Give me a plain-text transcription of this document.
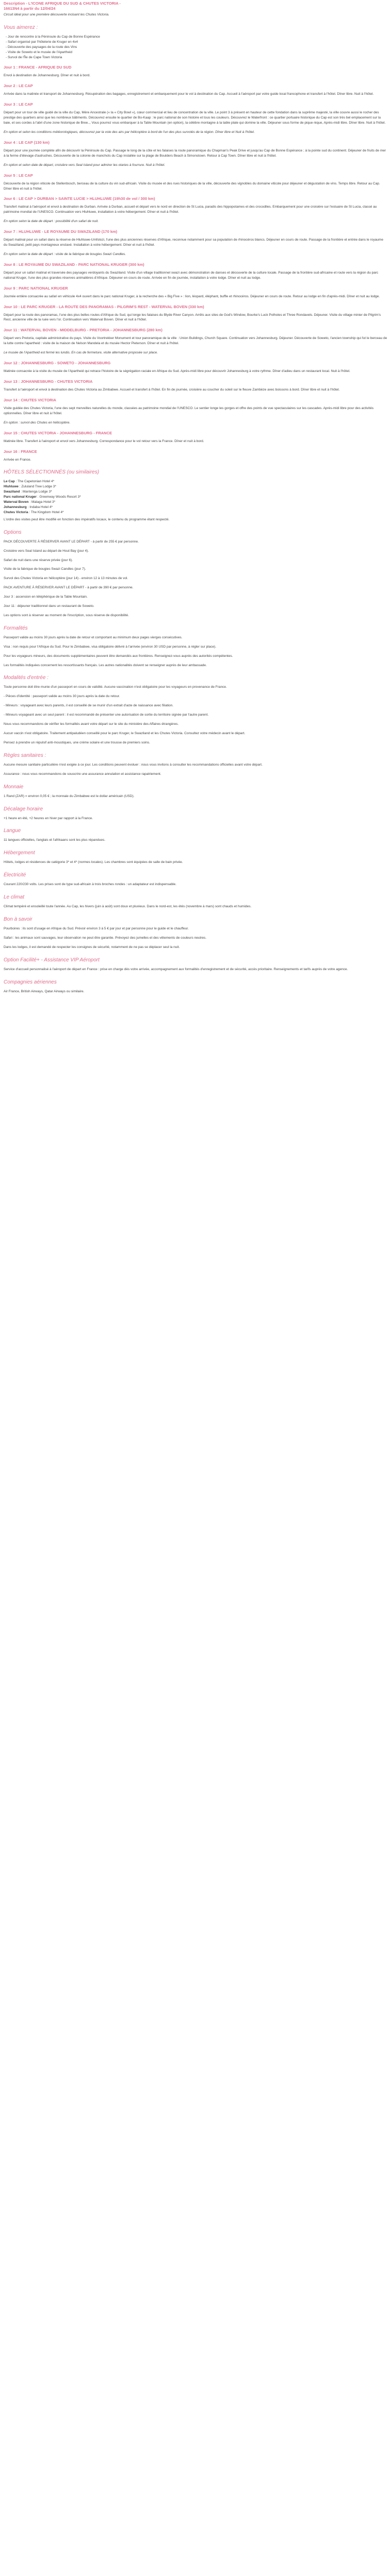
Description - L'ICONE AFRIQUE DU SUD & CHUTES VICTORIA -
16613N4 à partir du 12/04/24

Circuit idéal pour une première découverte incluant les Chutes Victoria.

Vous aimerez :
- Jour de rencontre à la Péninsule du Cap de Bonne Espérance
- Safari organisé par l'hôtelerie de Kruger en 4x4
- Découverte des paysages de la route des Vins
- Visite de Soweto et le musée de l'Apartheid
- Survol de l'Île de Cape Town Victoria
Jour 1 : FRANCE - AFRIQUE DU SUD

Envol à destination de Johannesburg. Dîner et nuit à bord.

Jour 2 : LE CAP

Arrivée dans la matinée et transport de Johannesburg. Récupération des bagages, enregistrement et embarquement pour le vol à destination du Cap. Accueil à l'aéroport par votre guide local francophone et transfert à l'hôtel. Dîner libre. Nuit à l'hôtel.

Jour 3 : LE CAP

Départ pour un tour de ville guidé de la ville du Cap, Mère Ancestrale (« la « City Bowl »), cœur commercial et lieu de concentration de la ville. Le point 3 à présent en hauteur de cette fondation dans la suprême majesté, la ville couvre aussi le rocher des prestige des quartiers ainsi que les nombreux bâtiments. Découvrez ensuite le quartier de Bo-Kaap : le parc national de son histoire et tous les couleurs. Découvrez le Waterfront : ce quartier portuaire historique du Cap est son très bel emplacement sur la baie, et ses cordes à l'abri d'une zone historique de Bree.., Vous pourrez vous embarquer à la Table Mountain (en option), la célèbre montagne à la table plate qui domine la ville. Déjeuner sous forme de pique-nique, Après-midi libre. Dîner libre. Nuit à l'hôtel.

En option et selon les conditions météorologiques, découvrez par la voie des airs par hélicoptère à bord de l'un des plus survolés de la région. Dîner libre et Nuit à l'hôtel.

Jour 4 : LE CAP (130 km)

Départ pour une journée complète afin de découvrir la Péninsule du Cap. Passage le long de la côte et les falaises la route panoramique du Chapman's Peak Drive et jusqu'au Cap de Bonne Espérance ; à la pointe sud du continent. Déjeuner de fruits de mer à la ferme d'élevage d'autruches. Découverte de la colonie de manchots du Cap installée sur la plage de Boulders Beach à Simonstown. Retour à Cap Town. Dîner libre et nuit à l'hôtel.

En option et selon date de départ, croisière vers Seal Island pour admirer les otaries à fourrure. Nuit à l'hôtel.

Jour 5 : LE CAP

Découverte de la région viticole de Stellenbosch, berceau de la culture du vin sud-africain. Visite du musée et des rues historiques de la ville, découverte des vignobles du domaine viticole pour déjeuner et dégustation de vins. Temps libre. Retour au Cap. Dîner libre et nuit à l'hôtel.

Jour 6 : LE CAP > DURBAN > SAINTE LUCIE > HLUHLUWE (19h30 de vol / 300 km)

Transfert matinal à l'aéroport et envol à destination de Durban. Arrivée à Durban, accueil et départ vers le nord en direction de St Lucia, paradis des hippopotames et des crocodiles. Embarquement pour une croisière sur l'estuaire de St Lucia, classé au patrimoine mondial de l'UNESCO. Continuation vers Hluhluwe, installation à votre hébergement. Dîner et nuit à l'hôtel.

En option selon la date de départ : possibilité d'un safari de nuit.

Jour 7 : HLUHLUWE - LE ROYAUME DU SWAZILAND (170 km)

Départ matinal pour un safari dans la réserve de Hluhluwe-Umfolozi, l'une des plus anciennes réserves d'Afrique, reconnue notamment pour sa population de rhinocéros blancs. Déjeuner en cours de route. Passage de la frontière et entrée dans le royaume du Swaziland, petit pays montagneux enclavé. Installation à votre hébergement. Dîner et nuit à l'hôtel.

En option selon la date de départ : visite de la fabrique de bougies Swazi Candles.

Jour 8 : LE ROYAUME DU SWAZILAND - PARC NATIONAL KRUGER (300 km)

Départ pour un safari matinal et traversée des paysages verdoyants du Swaziland. Visite d'un village traditionnel swazi avec démonstration de danses et découverte de la culture locale. Passage de la frontière sud-africaine et route vers la région du parc national Kruger, l'une des plus grandes réserves animalières d'Afrique. Déjeuner en cours de route. Arrivée en fin de journée, installation à votre lodge. Dîner et nuit au lodge.

Jour 9 : PARC NATIONAL KRUGER

Journée entière consacrée au safari en véhicule 4x4 ouvert dans le parc national Kruger, à la recherche des « Big Five » : lion, léopard, éléphant, buffle et rhinocéros. Déjeuner en cours de route. Retour au lodge en fin d'après-midi. Dîner et nuit au lodge.

Jour 10 : LE PARC KRUGER - LA ROUTE DES PANORAMAS - PILGRIM'S REST - WATERVAL BOVEN (330 km)

Départ pour la route des panoramas, l'une des plus belles routes d'Afrique du Sud, qui longe les falaises du Blyde River Canyon. Arrêts aux sites de God's Window, Bourke's Luck Potholes et Three Rondavels. Déjeuner. Visite du village minier de Pilgrim's Rest, ancienne ville de la ruée vers l'or. Continuation vers Waterval Boven. Dîner et nuit à l'hôtel.

Jour 11 : WATERVAL BOVEN - MIDDELBURG - PRETORIA - JOHANNESBURG (280 km)

Départ vers Pretoria, capitale administrative du pays. Visite du Voortrekker Monument et tour panoramique de la ville : Union Buildings, Church Square. Continuation vers Johannesburg. Déjeuner. Découverte de Soweto, l'ancien township qui fut le berceau de la lutte contre l'apartheid : visite de la maison de Nelson Mandela et du musée Hector Pieterson. Dîner et nuit à l'hôtel.

Le musée de l'Apartheid est fermé les lundis. En cas de fermeture, visite alternative proposée sur place.

Jour 12 : JOHANNESBURG - SOWETO - JOHANNESBURG

Matinée consacrée à la visite du musée de l'Apartheid qui retrace l'histoire de la ségrégation raciale en Afrique du Sud. Après-midi libre pour découvrir Johannesburg à votre rythme. Dîner d'adieu dans un restaurant local. Nuit à l'hôtel.

Jour 13 : JOHANNESBURG - CHUTES VICTORIA

Transfert à l'aéroport et envol à destination des Chutes Victoria au Zimbabwe. Accueil et transfert à l'hôtel. En fin de journée, croisière au coucher du soleil sur le fleuve Zambèze avec boissons à bord. Dîner libre et nuit à l'hôtel.

Jour 14 : CHUTES VICTORIA

Visite guidée des Chutes Victoria, l'une des sept merveilles naturelles du monde, classées au patrimoine mondial de l'UNESCO. Le sentier longe les gorges et offre des points de vue spectaculaires sur les cascades. Après-midi libre pour des activités optionnelles. Dîner libre et nuit à l'hôtel.

En option : survol des Chutes en hélicoptère.

Jour 15 : CHUTES VICTORIA - JOHANNESBURG - FRANCE

Matinée libre. Transfert à l'aéroport et envol vers Johannesburg. Correspondance pour le vol retour vers la France. Dîner et nuit à bord.

Jour 16 : FRANCE

Arrivée en France.

HÔTELS SÉLECTIONNÉS (ou similaires)

Le Cap : The Capetonian Hotel 4*

Hluhluwe : Zululand Tree Lodge 3*

Swaziland : Mantenga Lodge 3*

Parc national Kruger : Greenway Woods Resort 3*

Waterval Boven : Malaga Hotel 3*

Johannesburg : Indaba Hotel 4*

Chutes Victoria : The Kingdom Hotel 4*

L'ordre des visites peut être modifié en fonction des impératifs locaux, le contenu du programme étant respecté.

Options

PACK DÉCOUVERTE À RÉSERVER AVANT LE DÉPART - à partir de 255 € par personne.

Croisière vers Seal Island au départ de Hout Bay (jour 4).

Safari de nuit dans une réserve privée (jour 6).

Visite de la fabrique de bougies Swazi Candles (jour 7).

Survol des Chutes Victoria en hélicoptère (jour 14) - environ 12 à 13 minutes de vol.

PACK AVENTURE À RÉSERVER AVANT LE DÉPART - à partir de 390 € par personne.

Jour 3 : ascension en téléphérique de la Table Mountain.

Jour 11 : déjeuner traditionnel dans un restaurant de Soweto.

Les options sont à réserver au moment de l'inscription, sous réserve de disponibilité.

Formalités

Passeport valide au moins 30 jours après la date de retour et comportant au minimum deux pages vierges consécutives.

Visa : non requis pour l'Afrique du Sud. Pour le Zimbabwe, visa obligatoire délivré à l'arrivée (environ 30 USD par personne, à régler sur place).

Pour les voyageurs mineurs, des documents supplémentaires peuvent être demandés aux frontières. Renseignez-vous auprès des autorités compétentes.

Les formalités indiquées concernent les ressortissants français. Les autres nationalités doivent se renseigner auprès de leur ambassade.

Modalités d'entrée :

Toute personne doit être munie d'un passeport en cours de validité. Aucune vaccination n'est obligatoire pour les voyageurs en provenance de France.

- Pièces d'identité : passeport valide au moins 30 jours après la date du retour.

- Mineurs : voyageant avec leurs parents, il est conseillé de se munir d'un extrait d'acte de naissance avec filiation.

- Mineurs voyageant avec un seul parent : il est recommandé de présenter une autorisation de sortie du territoire signée par l'autre parent.

Nous vous recommandons de vérifier les formalités avant votre départ sur le site du ministère des Affaires étrangères.

Aucun vaccin n'est obligatoire. Traitement antipaludéen conseillé pour le parc Kruger, le Swaziland et les Chutes Victoria. Consultez votre médecin avant le départ.

Pensez à prendre un répulsif anti-moustiques, une crème solaire et une trousse de premiers soins.

Règles sanitaires :

Aucune mesure sanitaire particulière n'est exigée à ce jour. Les conditions peuvent évoluer : nous vous invitons à consulter les recommandations officielles avant votre départ.

Assurance : nous vous recommandons de souscrire une assurance annulation et assistance rapatriement.

Monnaie

1 Rand (ZAR) = environ 0,05 € ; la monnaie du Zimbabwe est le dollar américain (USD).

Décalage horaire

+1 heure en été, +2 heures en hiver par rapport à la France.

Langue

11 langues officielles, l'anglais et l'afrikaans sont les plus répandues.

Hébergement

Hôtels, lodges et résidences de catégorie 3* et 4* (normes locales). Les chambres sont équipées de salle de bain privée.

Électricité

Courant 220/230 volts. Les prises sont de type sud-africain à trois broches rondes : un adaptateur est indispensable.

Le climat

Climat tempéré et ensoleillé toute l'année. Au Cap, les hivers (juin à août) sont doux et pluvieux. Dans le nord-est, les étés (novembre à mars) sont chauds et humides.

Bon à savoir

Pourboires : ils sont d'usage en Afrique du Sud. Prévoir environ 3 à 5 € par jour et par personne pour le guide et le chauffeur.

Safari : les animaux sont sauvages, leur observation ne peut être garantie. Prévoyez des jumelles et des vêtements de couleurs neutres.

Dans les lodges, il est demandé de respecter les consignes de sécurité, notamment de ne pas se déplacer seul la nuit.

Option Facilité+ - Assistance VIP Aéroport

Service d'accueil personnalisé à l'aéroport de départ en France : prise en charge dès votre arrivée, accompagnement aux formalités d'enregistrement et de sécurité, accès prioritaire. Renseignements et tarifs auprès de votre agence.

Compagnies aériennes

Air France, British Airways, Qatar Airways ou similaire.
